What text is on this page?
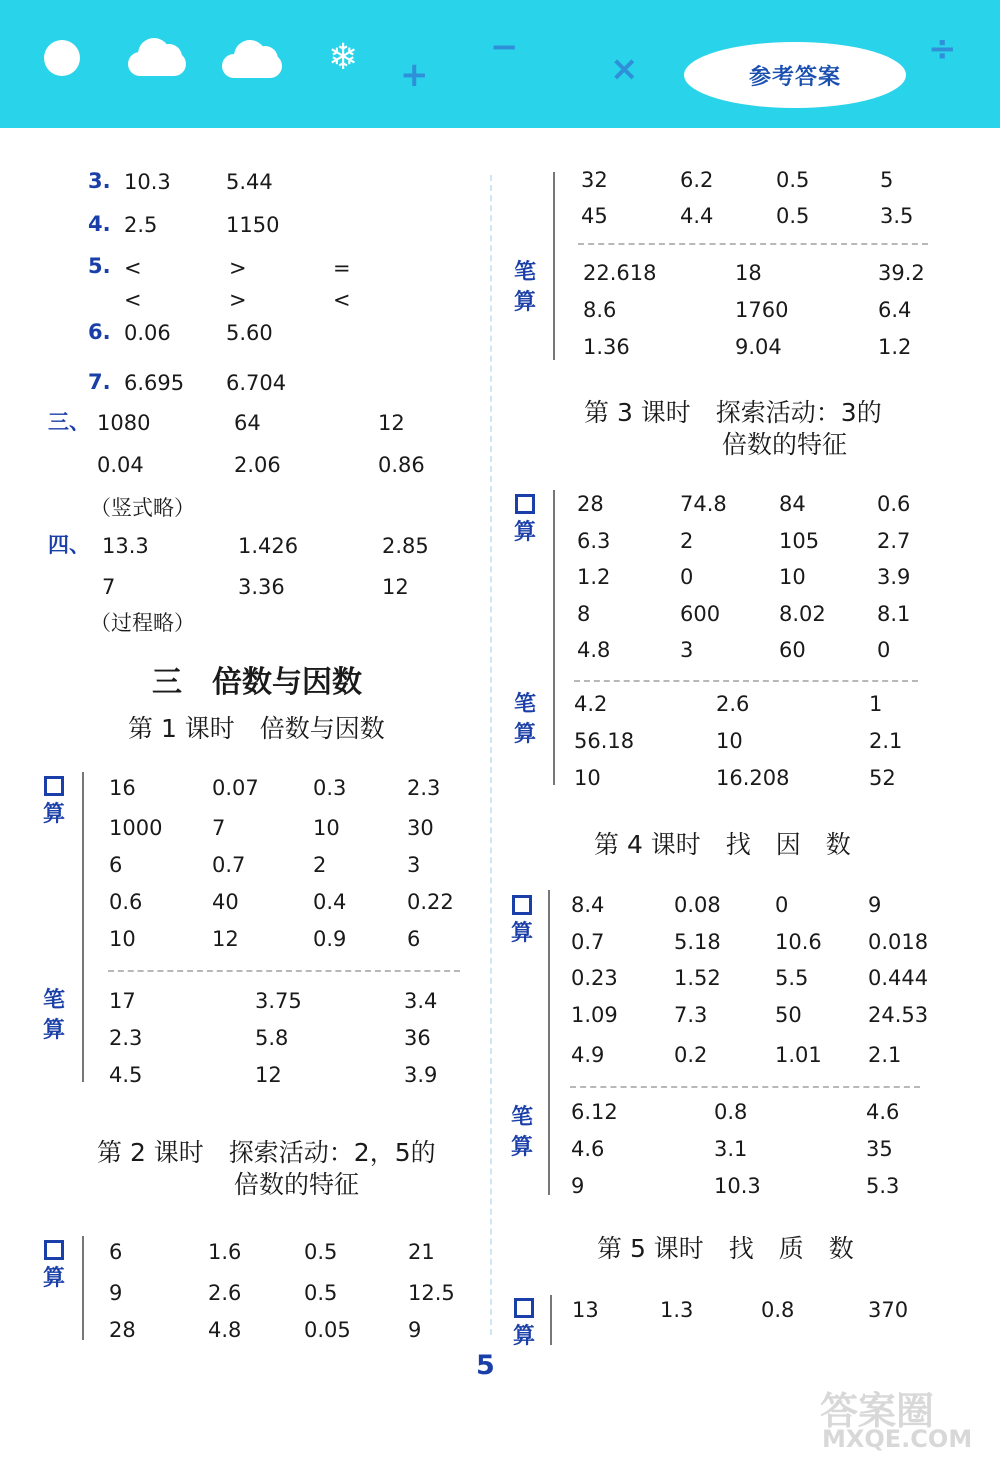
❄ +
−
×	÷
参考答案
3. 10.3	5.44
4. 2.5	1150
5. <	>	=
<	>	<
6. 0.06	5.60
7. 6.695 6.704
三、 1080	64	12
0.04	2.06	0.86
（竖式略）
四、 13.3	1.426	2.85
7	3.36	12
（过程略）
三　倍数与因数
第 1 课时　倍数与因数
算
16	0.07	0.3	2.3
1000 7	10	30
6	0.7	2	3
0.6	40	0.4	0.22
10	12	0.9	6
笔
算
17	3.75	3.4
2.3	5.8	36
4.5	12	3.9
第 2 课时　探索活动：2，5的
倍数的特征
算
6	1.6	0.5	21
9	2.6	0.5	12.5
28	4.8	0.05	9
32	6.2	0.5	5
45	4.4	0.5	3.5
笔
算
22.618	18	39.2
8.6	1760	6.4
1.36	9.04	1.2
第 3 课时　探索活动：3的
倍数的特征
算
28	74.8 84	0.6
6.3	2	105	2.7
1.2	0	10	3.9
8	600	8.02 8.1
4.8	3	60	0
笔
算
4.2	2.6	1
56.18	10	2.1
10	16.208	52
第 4 课时　找　因　数
算
8.4	0.08	0	9
0.7	5.18	10.6 0.018
0.23	1.52	5.5	0.444
1.09	7.3	50	24.53
4.9	0.2	1.01 2.1
笔
算
6.12	0.8	4.6
4.6	3.1	35
9	10.3	5.3
第 5 课时　找　质　数
算
13	1.3	0.8	370
5
答案圈
MXQE.COM
